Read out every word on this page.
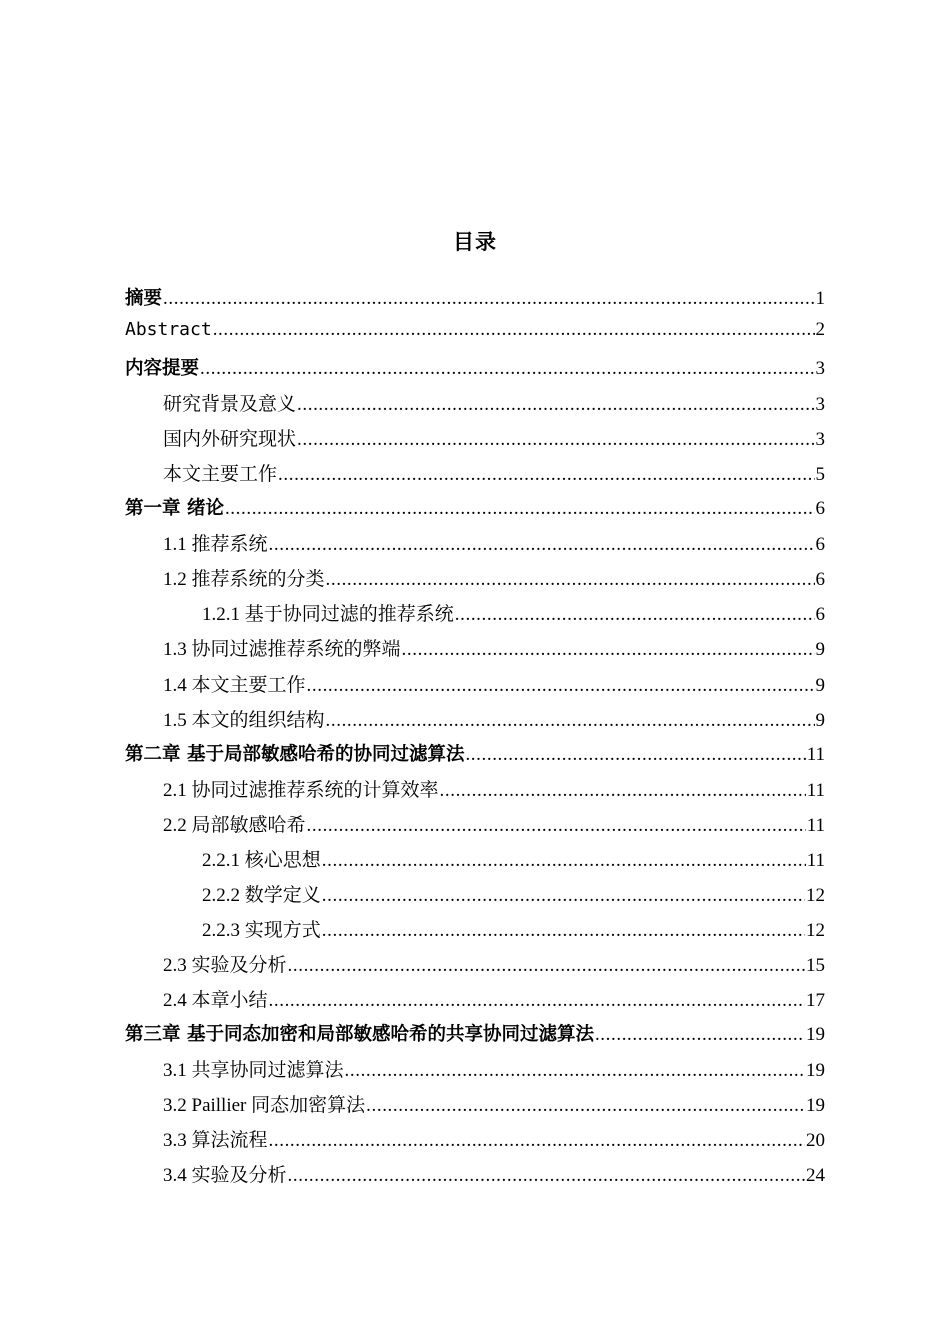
目录
摘要 .....	1
Abstract .....	2
内容提要 .....	3
研究背景及意义 .....	3
国内外研究现状 .....	3
本文主要工作 .....	5
第一章 绪论 .....	6
1.1 推荐系统 .....	6
1.2 推荐系统的分类 .....	6
1.2.1 基于协同过滤的推荐系统 .....	6
1.3 协同过滤推荐系统的弊端 .....	9
1.4 本文主要工作 .....	9
1.5 本文的组织结构 .....	9
第二章 基于局部敏感哈希的协同过滤算法 .....	11
2.1 协同过滤推荐系统的计算效率 .....	11
2.2 局部敏感哈希 .....	11
2.2.1 核心思想 .....	11
2.2.2 数学定义 .....	12
2.2.3 实现方式 .....	12
2.3 实验及分析 .....	15
2.4 本章小结 .....	17
第三章 基于同态加密和局部敏感哈希的共享协同过滤算法 .....	19
3.1 共享协同过滤算法 .....	19
3.2 Paillier 同态加密算法 .....	19
3.3 算法流程 .....	20
3.4 实验及分析 .....	24
